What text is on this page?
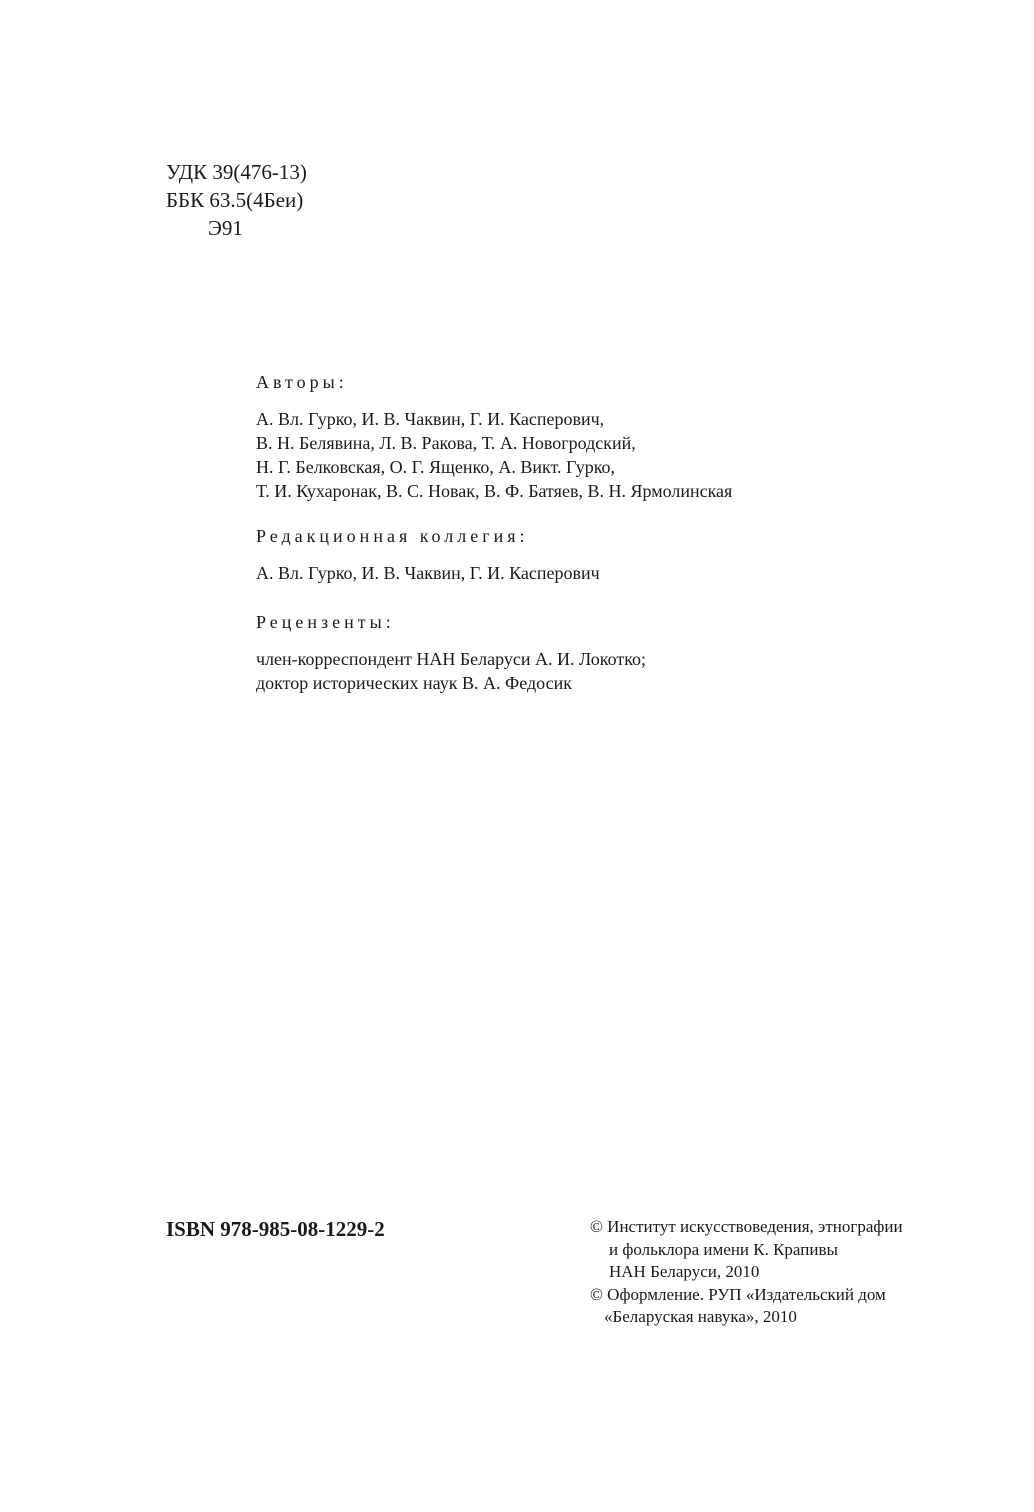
УДК 39(476-13)
ББК 63.5(4Беи)
Э91
Авторы:
А. Вл. Гурко, И. В. Чаквин, Г. И. Касперович,
В. Н. Белявина, Л. В. Ракова, Т. А. Новогродский,
Н. Г. Белковская, О. Г. Ященко, А. Викт. Гурко,
Т. И. Кухаронак, В. С. Новак, В. Ф. Батяев, В. Н. Ярмолинская
Редакционная коллегия:
А. Вл. Гурко, И. В. Чаквин, Г. И. Касперович
Рецензенты:
член-корреспондент НАН Беларуси А. И. Локотко;
доктор исторических наук В. А. Федосик
ISBN 978-985-08-1229-2	© Институт искусствоведения, этнографии
и фольклора имени К. Крапивы
НАН Беларуси, 2010
© Оформление. РУП «Издательский дом
«Беларуская навука», 2010
